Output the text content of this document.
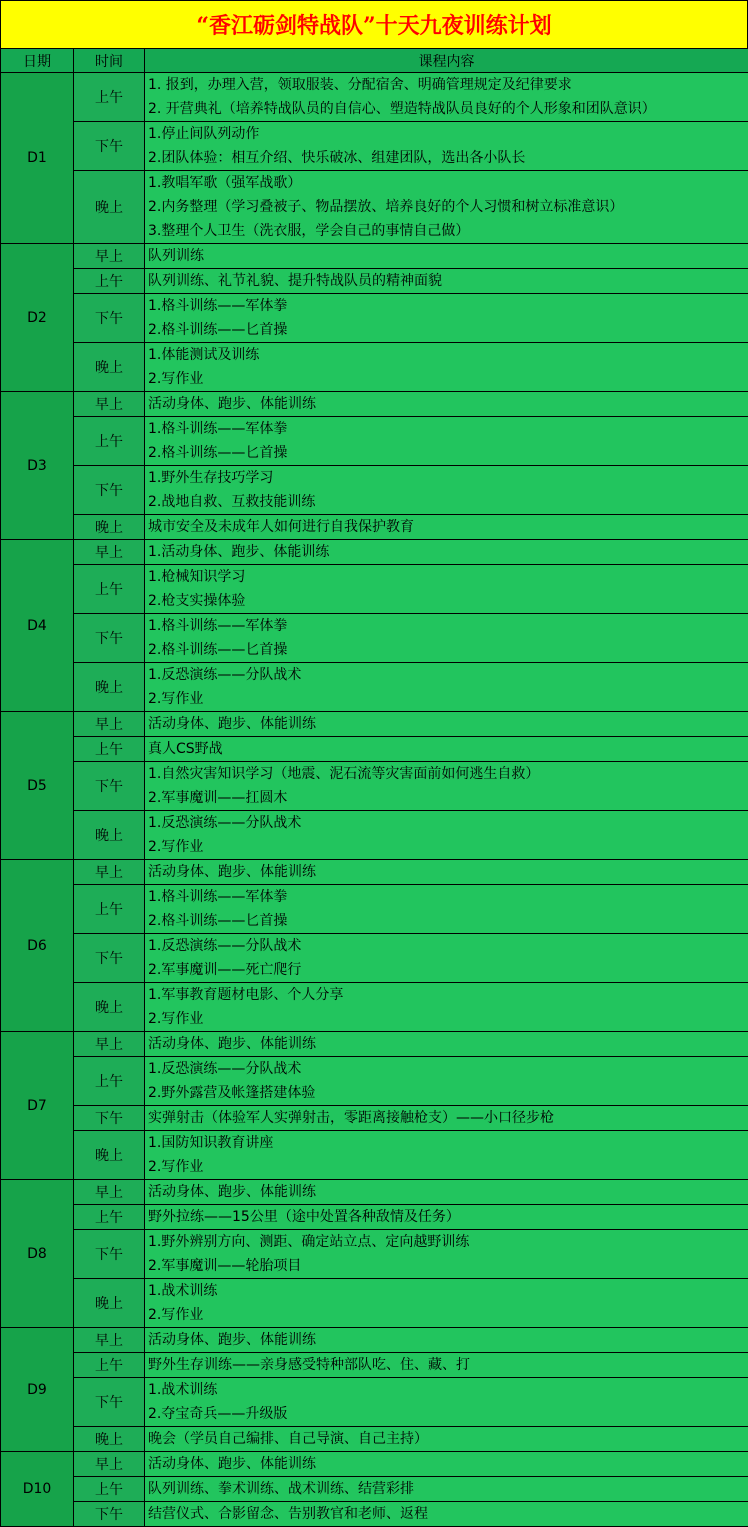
“香江砺剑特战队”十天九夜训练计划
日期	时间	课程内容
D1	上午	1. 报到，办理入营，领取服装、分配宿舍、明确管理规定及纪律要求
2. 开营典礼（培养特战队员的自信心、塑造特战队员良好的个人形象和团队意识）

	下午	1.停止间队列动作
2.团队体验：相互介绍、快乐破冰、组建团队，选出各小队长

	晚上	1.教唱军歌（强军战歌）
2.内务整理（学习叠被子、物品摆放、培养良好的个人习惯和树立标准意识）
3.整理个人卫生（洗衣服，学会自己的事情自己做）

D2	早上	队列训练

	上午	队列训练、礼节礼貌、提升特战队员的精神面貌

	下午	1.格斗训练——军体拳
2.格斗训练——匕首操

	晚上	1.体能测试及训练
2.写作业

D3	早上	活动身体、跑步、体能训练

	上午	1.格斗训练——军体拳
2.格斗训练——匕首操

	下午	1.野外生存技巧学习
2.战地自救、互救技能训练

	晚上	城市安全及未成年人如何进行自我保护教育

D4	早上	1.活动身体、跑步、体能训练

	上午	1.枪械知识学习
2.枪支实操体验

	下午	1.格斗训练——军体拳
2.格斗训练——匕首操

	晚上	1.反恐演练——分队战术
2.写作业

D5	早上	活动身体、跑步、体能训练

	上午	真人CS野战

	下午	1.自然灾害知识学习（地震、泥石流等灾害面前如何逃生自救）
2.军事魔训——扛圆木

	晚上	1.反恐演练——分队战术
2.写作业

D6	早上	活动身体、跑步、体能训练

	上午	1.格斗训练——军体拳
2.格斗训练——匕首操

	下午	1.反恐演练——分队战术
2.军事魔训——死亡爬行

	晚上	1.军事教育题材电影、个人分享
2.写作业

D7	早上	活动身体、跑步、体能训练

	上午	1.反恐演练——分队战术
2.野外露营及帐篷搭建体验

	下午	实弹射击（体验军人实弹射击，零距离接触枪支）——小口径步枪

	晚上	1.国防知识教育讲座
2.写作业

D8	早上	活动身体、跑步、体能训练

	上午	野外拉练——15公里（途中处置各种敌情及任务）

	下午	1.野外辨别方向、测距、确定站立点、定向越野训练
2.军事魔训——轮胎项目

	晚上	1.战术训练
2.写作业

D9	早上	活动身体、跑步、体能训练

	上午	野外生存训练——亲身感受特种部队吃、住、藏、打

	下午	1.战术训练
2.夺宝奇兵——升级版

	晚上	晚会（学员自己编排、自己导演、自己主持）

D10	早上	活动身体、跑步、体能训练

	上午	队列训练、拳术训练、战术训练、结营彩排

	下午	结营仪式、合影留念、告别教官和老师、返程
